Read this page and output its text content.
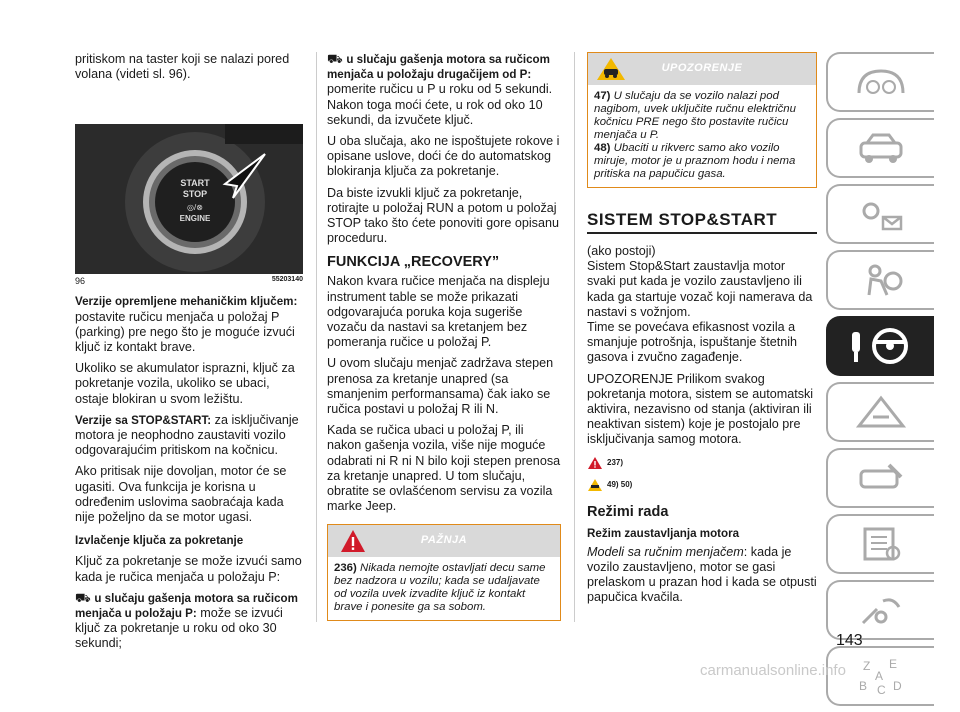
pritiskom na taster koji se nalazi pored volana (videti sl. 96).

START
STOP
◎/⊗
ENGINE
96	55203140

Verzije opremljene mehaničkim ključem:
postavite ručicu menjača u položaj P (parking) pre nego što je moguće izvući ključ iz kontakt brave.

Ukoliko se akumulator isprazni, ključ za pokretanje vozila, ukoliko se ubaci, ostaje blokiran u svom ležištu.

Verzije sa STOP&START: za isključivanje motora je neophodno zaustaviti vozilo odgovarajućim pritiskom na kočnicu.

Ako pritisak nije dovoljan, motor će se ugasiti. Ova funkcija je korisna u određenim uslovima saobraćaja kada nije poželjno da se motor ugasi.

Izvlačenje ključa za pokretanje

Ključ za pokretanje se može izvući samo kada je ručica menjača u položaju P:

⛟ u slučaju gašenja motora sa ručicom menjača u položaju P: može se izvući ključ za pokretanje u roku od oko 30 sekundi;

⛟ u slučaju gašenja motora sa ručicom menjača u položaju drugačijem od P:
pomerite ručicu u P u roku od 5 sekundi. Nakon toga moći ćete, u rok od oko 10 sekundi, da izvučete ključ.

U oba slučaja, ako ne ispoštujete rokove i opisane uslove, doći će do automatskog blokiranja ključa za pokretanje.

Da biste izvukli ključ za pokretanje, rotirajte u položaj RUN a potom u položaj STOP tako što ćete ponoviti gore opisanu proceduru.

FUNKCIJA „RECOVERY”

Nakon kvara ručice menjača na displeju instrument table se može prikazati odgovarajuća poruka koja sugeriše vozaču da nastavi sa kretanjem bez pomeranja ručice u položaj P.

U ovom slučaju menjač zadržava stepen prenosa za kretanje unapred (sa smanjenim performansama) čak iako se ručica postavi u položaj R ili N.

Kada se ručica ubaci u položaj P, ili nakon gašenja vozila, više nije moguće odabrati ni R ni N bilo koji stepen prenosa za kretanje unapred. U tom slučaju, obratite se ovlašćenom servisu za vozila marke Jeep.

PAŽNJA
236) Nikada nemojte ostavljati decu same bez nadzora u vozilu; kada se udaljavate od vozila uvek izvadite ključ iz kontakt brave i ponesite ga sa sobom.
UPOZORENJE
47) U slučaju da se vozilo nalazi pod nagibom, uvek uključite ručnu električnu kočnicu PRE nego što postavite ručicu menjača u P.
48) Ubaciti u rikverc samo ako vozilo miruje, motor je u praznom hodu i nema pritiska na papučicu gasa.
SISTEM STOP&START

(ako postoji)

Sistem Stop&Start zaustavlja motor svaki put kada je vozilo zaustavljeno ili kada ga startuje vozač koji namerava da nastavi s vožnjom.

Time se povećava efikasnost vozila a smanjuje potrošnja, ispuštanje štetnih gasova i zvučno zagađenje.

UPOZORENJE Prilikom svakog pokretanja motora, sistem se automatski aktivira, nezavisno od stanja (aktiviran ili neaktivan sistem) koje je postojalo pre isključivanja samog motora.

237)
49) 50)
Režimi rada

Režim zaustavljanja motora

Modeli sa ručnim menjačem: kada je vozilo zaustavljeno, motor se gasi prelaskom u prazan hod i kada se otpusti papučica kvačila.

Z E
A
B C D
143
carmanualsonline.info
